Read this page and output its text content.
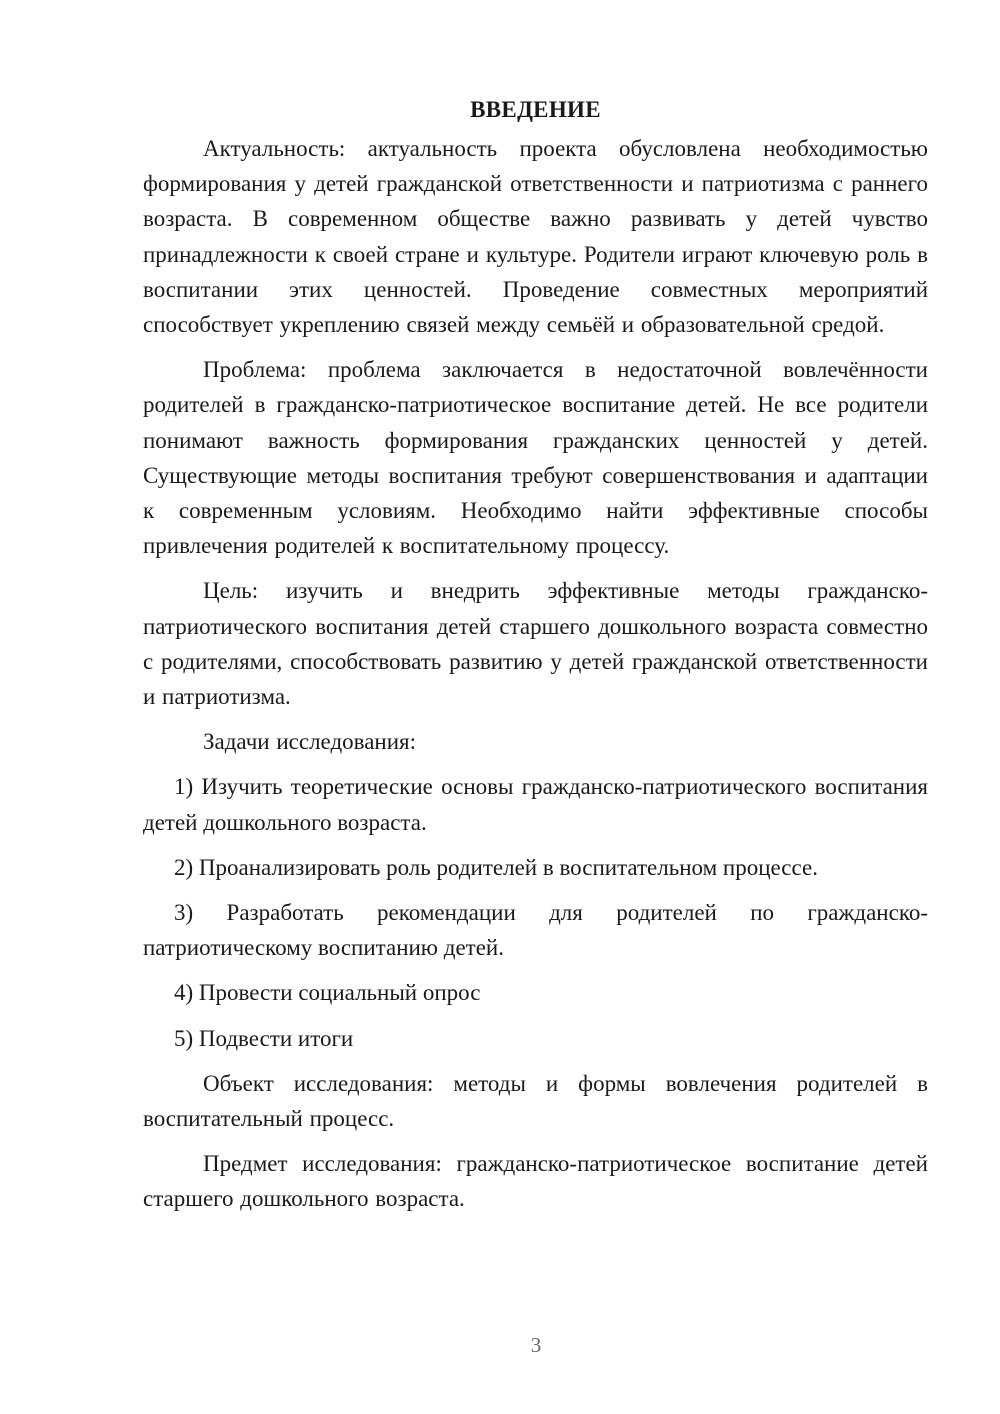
ВВЕДЕНИЕ

Актуальность: актуальность проекта обусловлена необходимостью формирования у детей гражданской ответственности и патриотизма с раннего возраста. В современном обществе важно развивать у детей чувство принадлежности к своей стране и культуре. Родители играют ключевую роль в воспитании этих ценностей. Проведение совместных мероприятий способствует укреплению связей между семьёй и образовательной средой.

Проблема: проблема заключается в недостаточной вовлечённости родителей в гражданско-патриотическое воспитание детей. Не все родители понимают важность формирования гражданских ценностей у детей. Существующие методы воспитания требуют совершенствования и адаптации к современным условиям. Необходимо найти эффективные способы привлечения родителей к воспитательному процессу.

Цель: изучить и внедрить эффективные методы гражданско-патриотического воспитания детей старшего дошкольного возраста совместно с родителями, способствовать развитию у детей гражданской ответственности и патриотизма.

Задачи исследования:

1) Изучить теоретические основы гражданско-патриотического воспитания детей дошкольного возраста.

2) Проанализировать роль родителей в воспитательном процессе.

3) Разработать рекомендации для родителей по гражданско-патриотическому воспитанию детей.

4) Провести социальный опрос

5) Подвести итоги

Объект исследования: методы и формы вовлечения родителей в воспитательный процесс.

Предмет исследования: гражданско-патриотическое воспитание детей старшего дошкольного возраста.

3
